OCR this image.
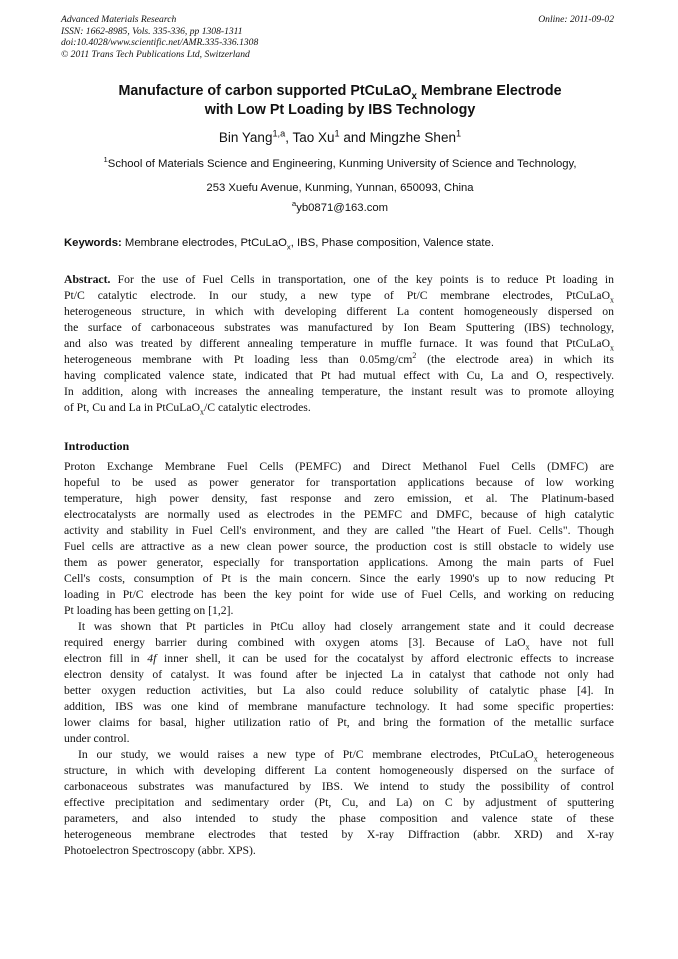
Advanced Materials Research
ISSN: 1662-8985, Vols. 335-336, pp 1308-1311
doi:10.4028/www.scientific.net/AMR.335-336.1308
© 2011 Trans Tech Publications Ltd, Switzerland
Online: 2011-09-02
Manufacture of carbon supported PtCuLaO$_x$ Membrane Electrode
with Low Pt Loading by IBS Technology
Bin Yang$^{1,a}$, Tao Xu$^1$ and Mingzhe Shen$^1$
$^1$School of Materials Science and Engineering, Kunming University of Science and Technology,
253 Xuefu Avenue, Kunming, Yunnan, 650093, China
$^a$yb0871@163.com
Keywords: Membrane electrodes, PtCuLaO$_x$, IBS, Phase composition, Valence state.
Abstract. For the use of Fuel Cells in transportation, one of the key points is to reduce Pt loading in
Pt/C catalytic electrode. In our study, a new type of Pt/C membrane electrodes, PtCuLaO$_x$
heterogeneous structure, in which with developing different La content homogeneously dispersed on
the surface of carbonaceous substrates was manufactured by Ion Beam Sputtering (IBS) technology,
and also was treated by different annealing temperature in muffle furnace. It was found that PtCuLaO$_x$
heterogeneous membrane with Pt loading less than $0.05mg/cm^2$ (the electrode area) in which its
having complicated valence state, indicated that Pt had mutual effect with Cu, La and O, respectively.
In addition, along with increases the annealing temperature, the instant result was to promote alloying
of Pt, Cu and La in PtCuLaO$_x$/C catalytic electrodes.
Introduction
Proton Exchange Membrane Fuel Cells (PEMFC) and Direct Methanol Fuel Cells (DMFC) are
hopeful to be used as power generator for transportation applications because of low working
temperature, high power density, fast response and zero emission, et al. The Platinum-based
electrocatalysts are normally used as electrodes in the PEMFC and DMFC, because of high catalytic
activity and stability in Fuel Cell's environment, and they are called "the Heart of Fuel. Cells". Though
Fuel cells are attractive as a new clean power source, the production cost is still obstacle to widely use
them as power generator, especially for transportation applications. Among the main parts of Fuel
Cell's costs, consumption of Pt is the main concern. Since the early 1990's up to now reducing Pt
loading in Pt/C electrode has been the key point for wide use of Fuel Cells, and working on reducing
Pt loading has been getting on [1,2].
It was shown that Pt particles in PtCu alloy had closely arrangement state and it could decrease
required energy barrier during combined with oxygen atoms [3]. Because of LaO$_x$ have not full
electron fill in 4f inner shell, it can be used for the cocatalyst by afford electronic effects to increase
electron density of catalyst. It was found after be injected La in catalyst that cathode not only had
better oxygen reduction activities, but La also could reduce solubility of catalytic phase [4]. In
addition, IBS was one kind of membrane manufacture technology. It had some specific properties:
lower claims for basal, higher utilization ratio of Pt, and bring the formation of the metallic surface
under control.
In our study, we would raises a new type of Pt/C membrane electrodes, PtCuLaO$_x$ heterogeneous
structure, in which with developing different La content homogeneously dispersed on the surface of
carbonaceous substrates was manufactured by IBS. We intend to study the possibility of control
effective precipitation and sedimentary order (Pt, Cu, and La) on C by adjustment of sputtering
parameters, and also intended to study the phase composition and valence state of these
heterogeneous membrane electrodes that tested by X-ray Diffraction (abbr. XRD) and X-ray
Photoelectron Spectroscopy (abbr. XPS).
